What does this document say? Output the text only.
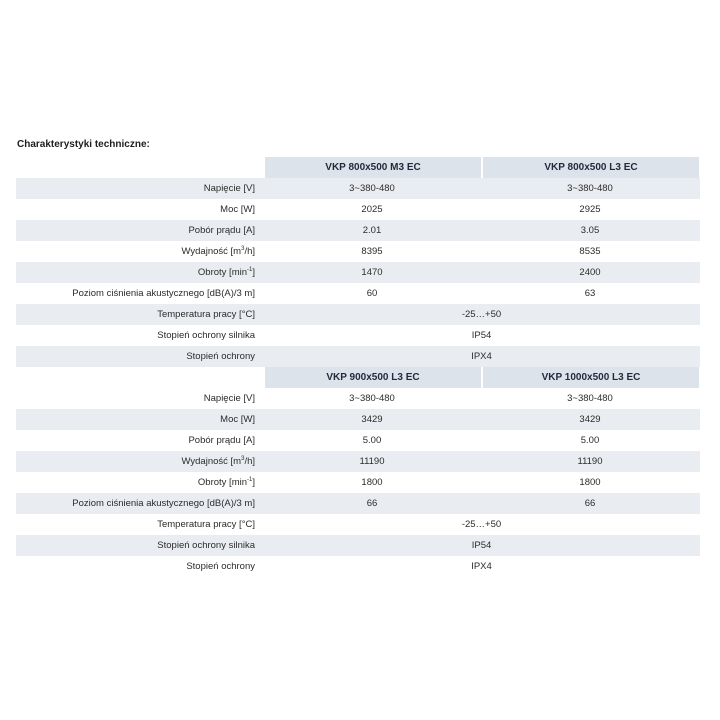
Charakterystyki techniczne:
VKP 800x500 M3 EC	VKP 800x500 L3 EC
Napięcie [V]	3~380-480	3~380-480
Moc [W]	2025	2925
Pobór prądu [A]	2.01	3.05
Wydajność $[m^3/h]$	8395	8535
Obroty $[\min^{-1}]$	1470	2400
Poziom ciśnienia akustycznego [dB(A)/3 m]	60	63
Temperatura pracy [°C]	-25…+50
Stopień ochrony silnika	IP54
Stopień ochrony	IPX4
VKP 900x500 L3 EC	VKP 1000x500 L3 EC
Napięcie [V]	3~380-480	3~380-480
Moc [W]	3429	3429
Pobór prądu [A]	5.00	5.00
Wydajność $[m^3/h]$	11190	11190
Obroty $[\min^{-1}]$	1800	1800
Poziom ciśnienia akustycznego [dB(A)/3 m]	66	66
Temperatura pracy [°C]	-25…+50
Stopień ochrony silnika	IP54
Stopień ochrony	IPX4
